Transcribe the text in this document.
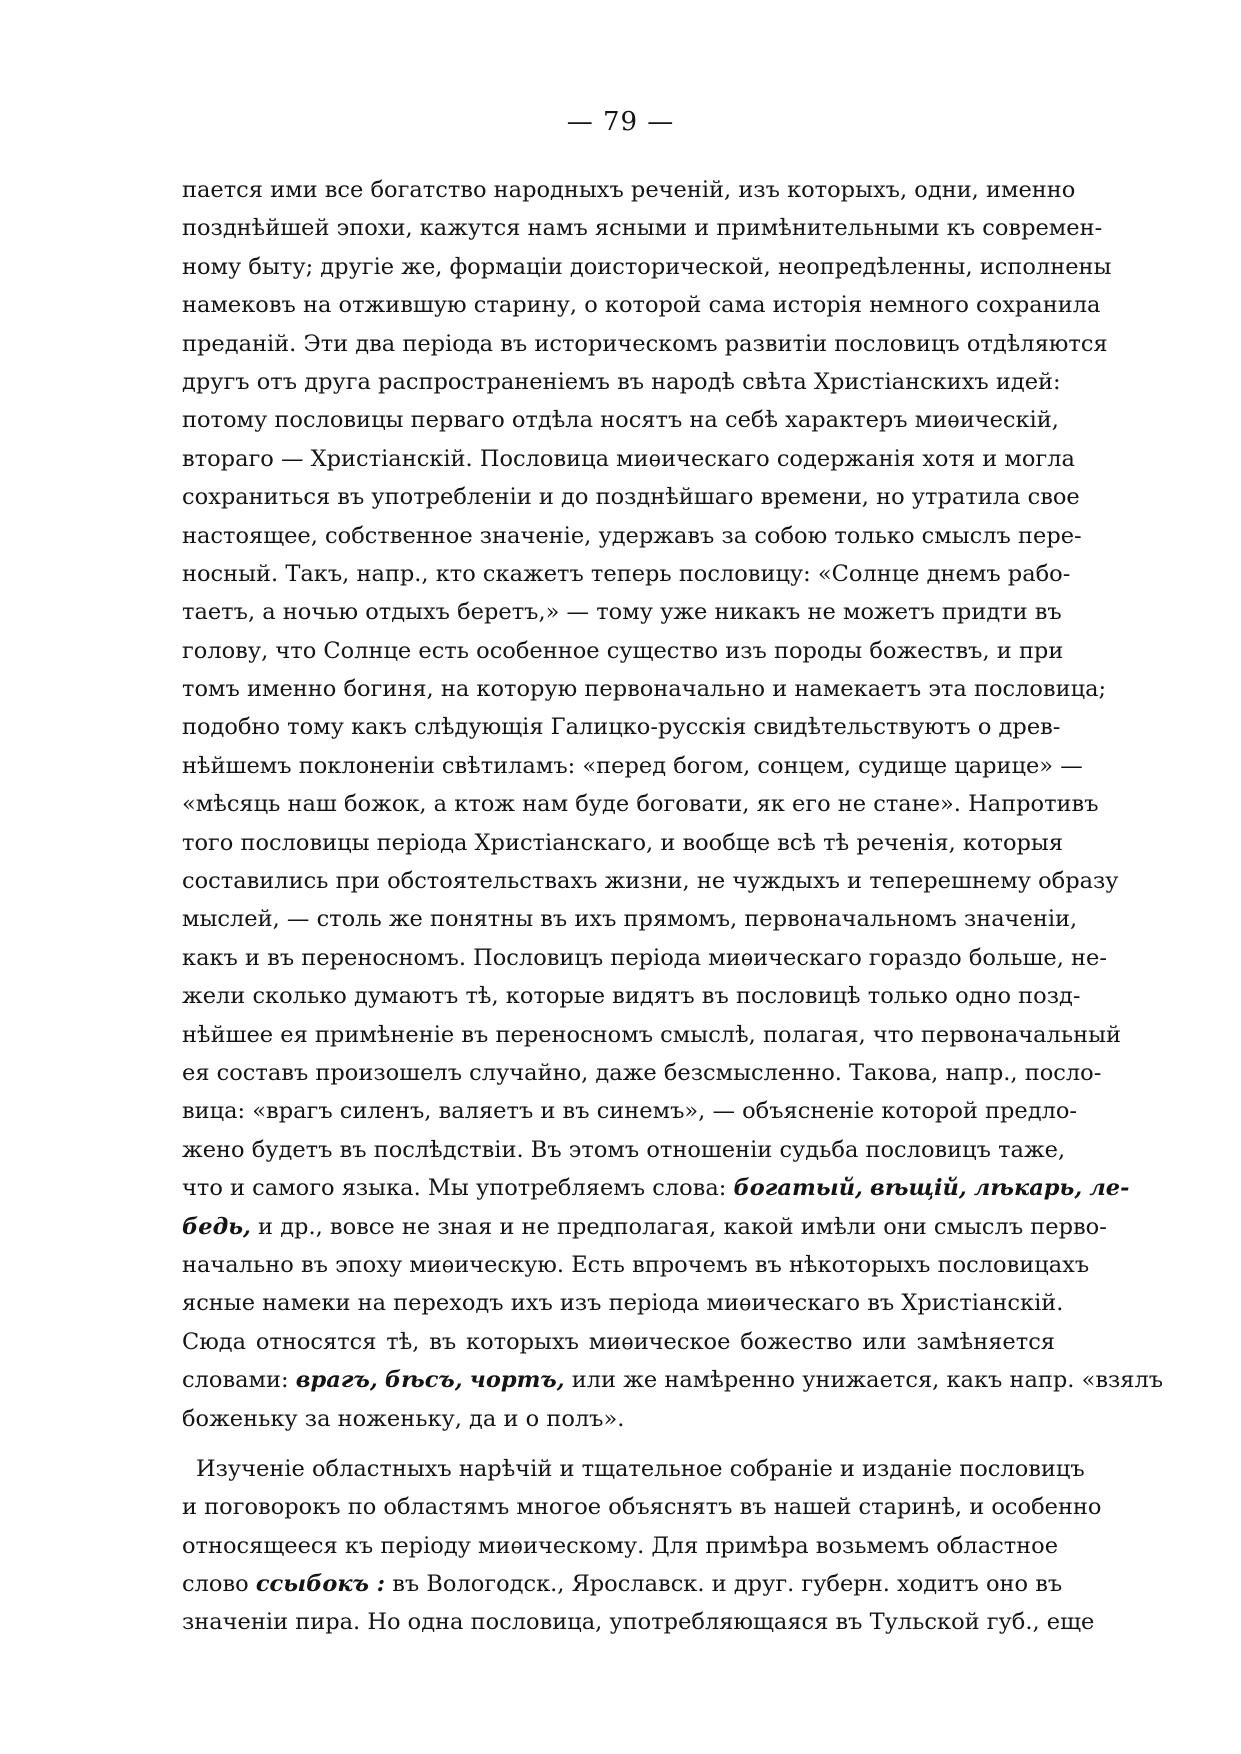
— 79 —
пается ими все богатство народныхъ реченій, изъ которыхъ, одни, именно
позднѣйшей эпохи, кажутся намъ ясными и примѣнительными къ современ-
ному быту; другіе же, формаціи доисторической, неопредѣленны, исполнены
намековъ на отжившую старину, о которой сама исторія немного сохранила
преданій. Эти два періода въ историческомъ развитіи пословицъ отдѣляются
другъ отъ друга распространеніемъ въ народѣ свѣта Христіанскихъ идей:
потому пословицы перваго отдѣла носятъ на себѣ характеръ миѳическій,
втораго — Христіанскій. Пословица миѳическаго содержанія хотя и могла
сохраниться въ употребленіи и до позднѣйшаго времени, но утратила свое
настоящее, собственное значеніе, удержавъ за собою только смыслъ пере-
носный. Такъ, напр., кто скажетъ теперь пословицу: «Солнце днемъ рабо-
таетъ, а ночью отдыхъ беретъ,» — тому уже никакъ не можетъ придти въ
голову, что Солнце есть особенное существо изъ породы божествъ, и при
томъ именно богиня, на которую первоначально и намекаетъ эта пословица;
подобно тому какъ слѣдующія Галицко-русскія свидѣтельствуютъ о древ-
нѣйшемъ поклоненіи свѣтиламъ: «перед богом, сонцем, судище царице» —
«мѣсяць наш божок, а ктож нам буде боговати, як его не стане». Напротивъ
того пословицы періода Христіанскаго, и вообще всѣ тѣ реченія, которыя
составились при обстоятельствахъ жизни, не чуждыхъ и теперешнему образу
мыслей, — столь же понятны въ ихъ прямомъ, первоначальномъ значеніи,
какъ и въ переносномъ. Пословицъ періода миѳическаго гораздо больше, не-
жели сколько думаютъ тѣ, которые видятъ въ пословицѣ только одно позд-
нѣйшее ея примѣненіе въ переносномъ смыслѣ, полагая, что первоначальный
ея составъ произошелъ случайно, даже безсмысленно. Такова, напр., посло-
вица: «врагъ силенъ, валяетъ и въ синемъ», — объясненіе которой предло-
жено будетъ въ послѣдствіи. Въ этомъ отношеніи судьба пословицъ таже,
что и самого языка. Мы употребляемъ слова: богатый, вѣщій, лѣкарь, ле-
бедь, и др., вовсе не зная и не предполагая, какой имѣли они смыслъ перво-
начально въ эпоху миѳическую. Есть впрочемъ въ нѣкоторыхъ пословицахъ
ясные намеки на переходъ ихъ изъ періода миѳическаго въ Христіанскій.
Сюда относятся тѣ, въ которыхъ миѳическое божество или замѣняется
словами: врагъ, бѣсъ, чортъ, или же намѣренно унижается, какъ напр. «взялъ
боженьку за ноженьку, да и о полъ».
Изученіе областныхъ нарѣчій и тщательное собраніе и изданіе пословицъ
и поговорокъ по областямъ многое объяснятъ въ нашей старинѣ, и особенно
относящееся къ періоду миѳическому. Для примѣра возьмемъ областное
слово ссыбокъ : въ Вологодск., Ярославск. и друг. губерн. ходитъ оно въ
значеніи пира. Но одна пословица, употребляющаяся въ Тульской губ., еще
